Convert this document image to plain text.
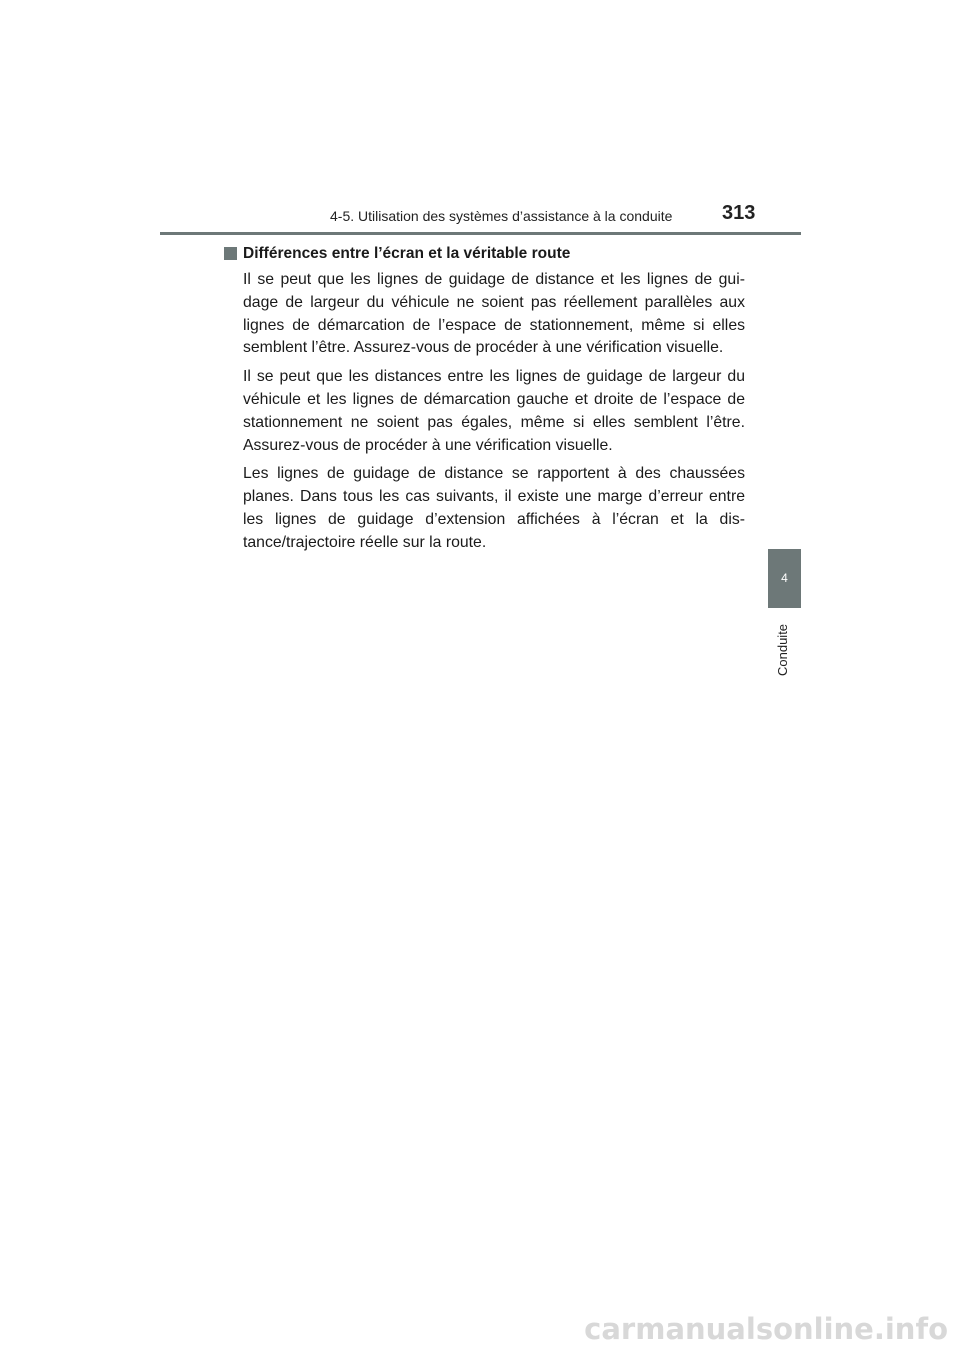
4-5. Utilisation des systèmes d’assistance à la conduite 313
4
Conduite
Différences entre l’écran et la véritable route

Il se peut que les lignes de guidage de distance et les lignes de gui-dage de largeur du véhicule ne soient pas réellement parallèles aux lignes de démarcation de l’espace de stationnement, même si elles semblent l’être. Assurez-vous de procéder à une vérification visuelle.

Il se peut que les distances entre les lignes de guidage de largeur du véhicule et les lignes de démarcation gauche et droite de l’espace de stationnement ne soient pas égales, même si elles semblent l’être. Assurez-vous de procéder à une vérification visuelle.

Les lignes de guidage de distance se rapportent à des chaussées planes. Dans tous les cas suivants, il existe une marge d’erreur entre les lignes de guidage d’extension affichées à l’écran et la dis-tance/trajectoire réelle sur la route.

carmanualsonline.info
